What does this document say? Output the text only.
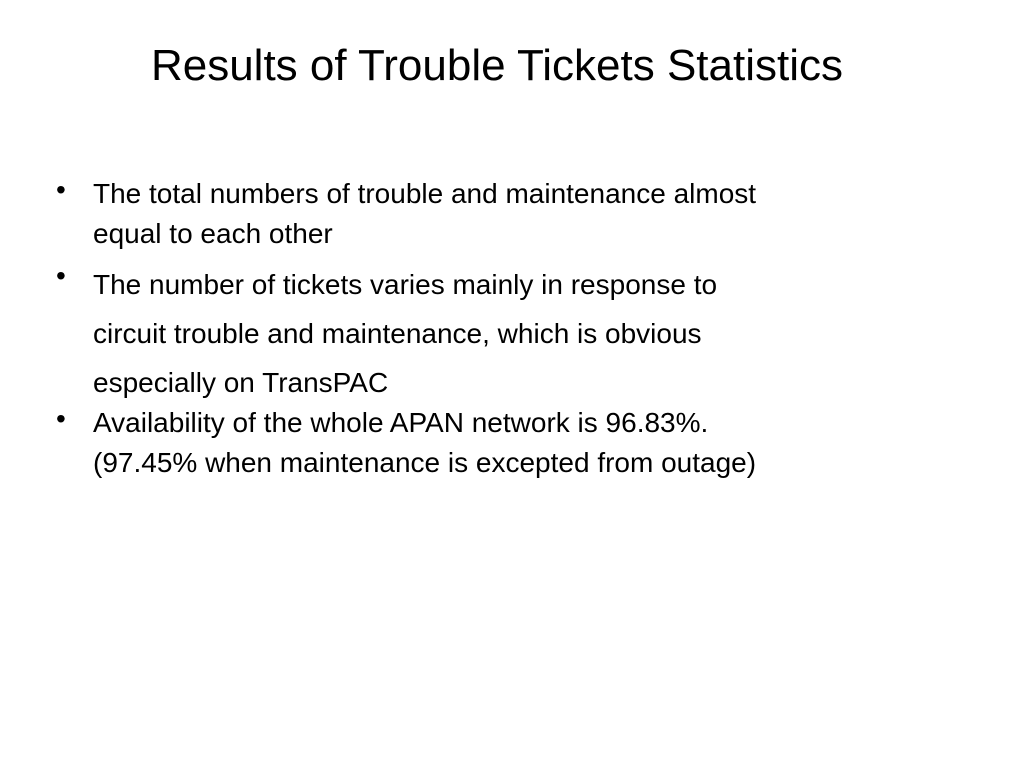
Results of Trouble Tickets Statistics
• The total numbers of trouble and maintenance almost
equal to each other
• The number of tickets varies mainly in response to
circuit trouble and maintenance, which is obvious
especially on TransPAC
• Availability of the whole APAN network is 96.83%.
(97.45% when maintenance is excepted from outage)
